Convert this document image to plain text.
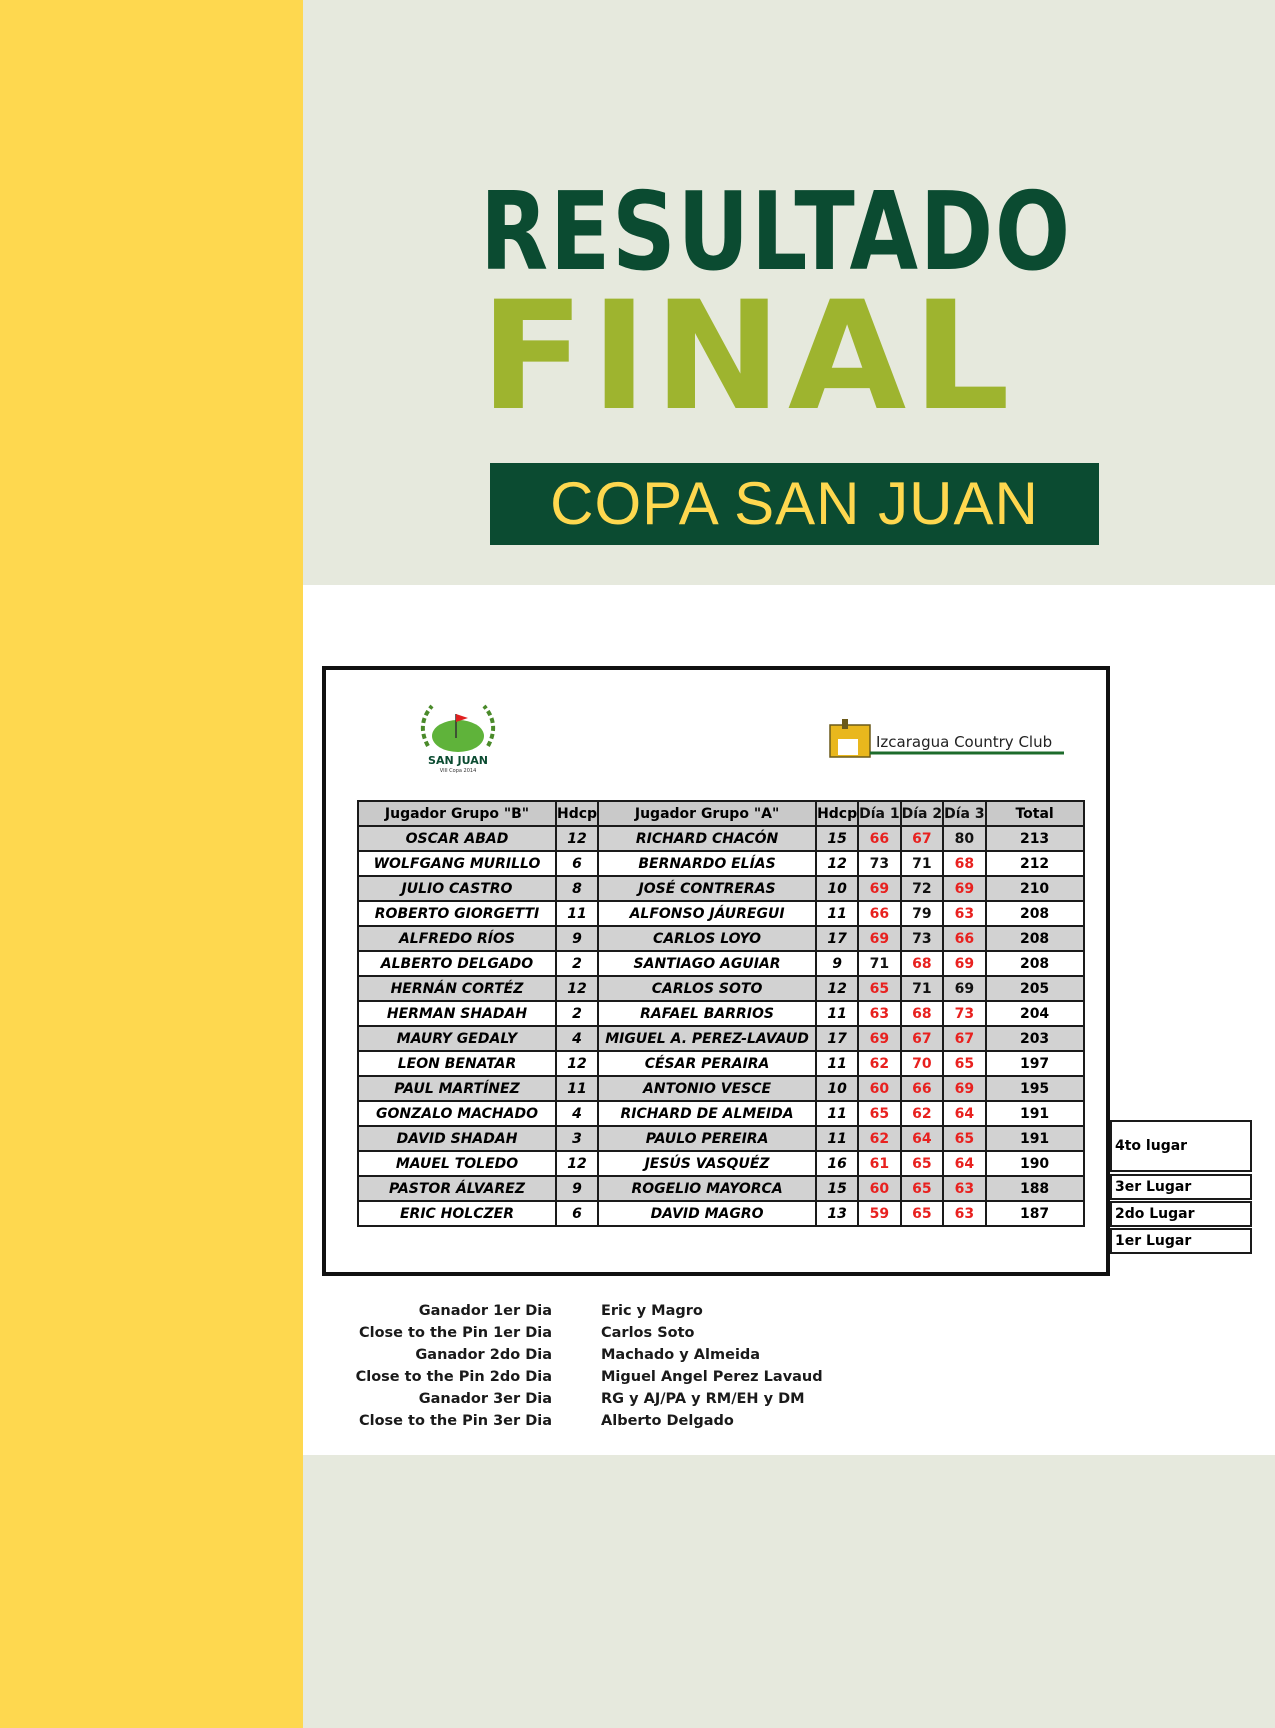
RESULTADO
FINAL
COPA SAN JUAN
SAN JUAN
VIII Copa 2014
Izcaragua Country Club
Jugador Grupo "B"	Hdcp	Jugador Grupo "A"	Hdcp	Día 1	Día 2	Día 3	Total
OSCAR ABAD	12	RICHARD CHACÓN	15	66	67	80	213
WOLFGANG MURILLO	6	BERNARDO ELÍAS	12	73	71	68	212
JULIO CASTRO	8	JOSÉ CONTRERAS	10	69	72	69	210
ROBERTO GIORGETTI	11	ALFONSO JÁUREGUI	11	66	79	63	208
ALFREDO RÍOS	9	CARLOS LOYO	17	69	73	66	208
ALBERTO DELGADO	2	SANTIAGO AGUIAR	9	71	68	69	208
HERNÁN CORTÉZ	12	CARLOS SOTO	12	65	71	69	205
HERMAN SHADAH	2	RAFAEL BARRIOS	11	63	68	73	204
MAURY GEDALY	4	MIGUEL A. PEREZ-LAVAUD	17	69	67	67	203
LEON BENATAR	12	CÉSAR PERAIRA	11	62	70	65	197
PAUL MARTÍNEZ	11	ANTONIO VESCE	10	60	66	69	195
GONZALO MACHADO	4	RICHARD DE ALMEIDA	11	65	62	64	191
DAVID SHADAH	3	PAULO PEREIRA	11	62	64	65	191
MAUEL TOLEDO	12	JESÚS VASQUÉZ	16	61	65	64	190
PASTOR ÁLVAREZ	9	ROGELIO MAYORCA	15	60	65	63	188
ERIC HOLCZER	6	DAVID MAGRO	13	59	65	63	187
4to lugar
3er Lugar
2do Lugar
1er Lugar
Ganador 1er Dia	Eric y Magro
Close to the Pin 1er Dia	Carlos Soto
Ganador 2do Dia	Machado y Almeida
Close to the Pin 2do Dia	Miguel Angel Perez Lavaud
Ganador 3er Dia	RG y AJ/PA y RM/EH y DM
Close to the Pin 3er Dia	Alberto Delgado
